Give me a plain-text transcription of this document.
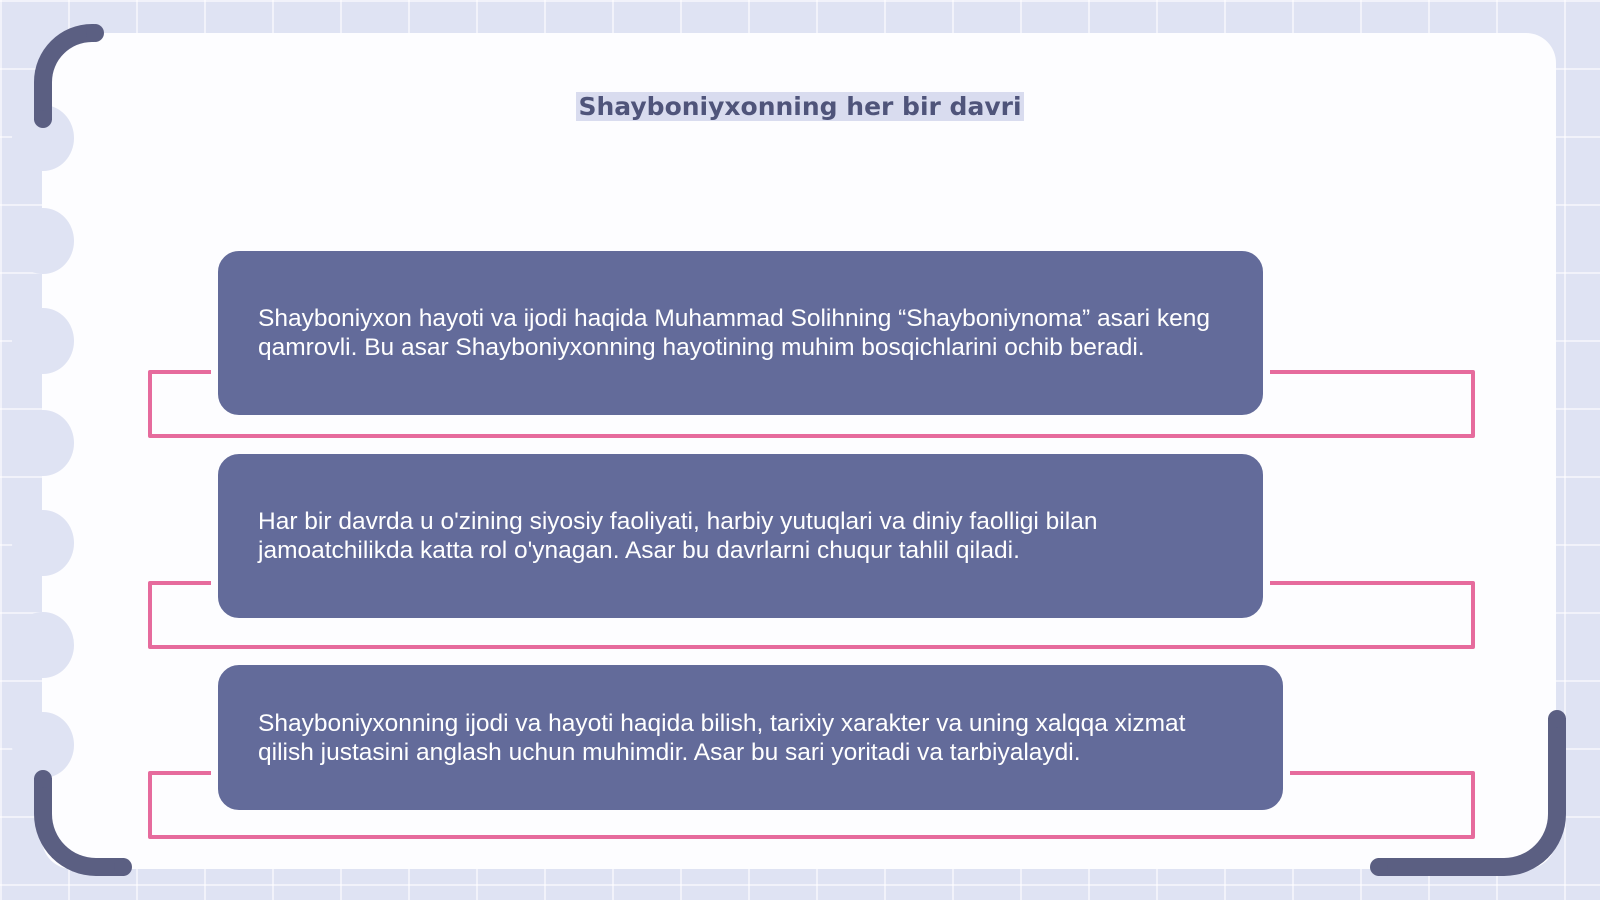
Shayboniyxonning her bir davri

Shayboniyxon hayoti va ijodi haqida Muhammad Solihning “Shayboniynoma” asari keng qamrovli. Bu asar Shayboniyxonning hayotining muhim bosqichlarini ochib beradi.

Har bir davrda u o'zining siyosiy faoliyati, harbiy yutuqlari va diniy faolligi bilan jamoatchilikda katta rol o'ynagan. Asar bu davrlarni chuqur tahlil qiladi.

Shayboniyxonning ijodi va hayoti haqida bilish, tarixiy xarakter va uning xalqqa xizmat qilish justasini anglash uchun muhimdir. Asar bu sari yoritadi va tarbiyalaydi.
